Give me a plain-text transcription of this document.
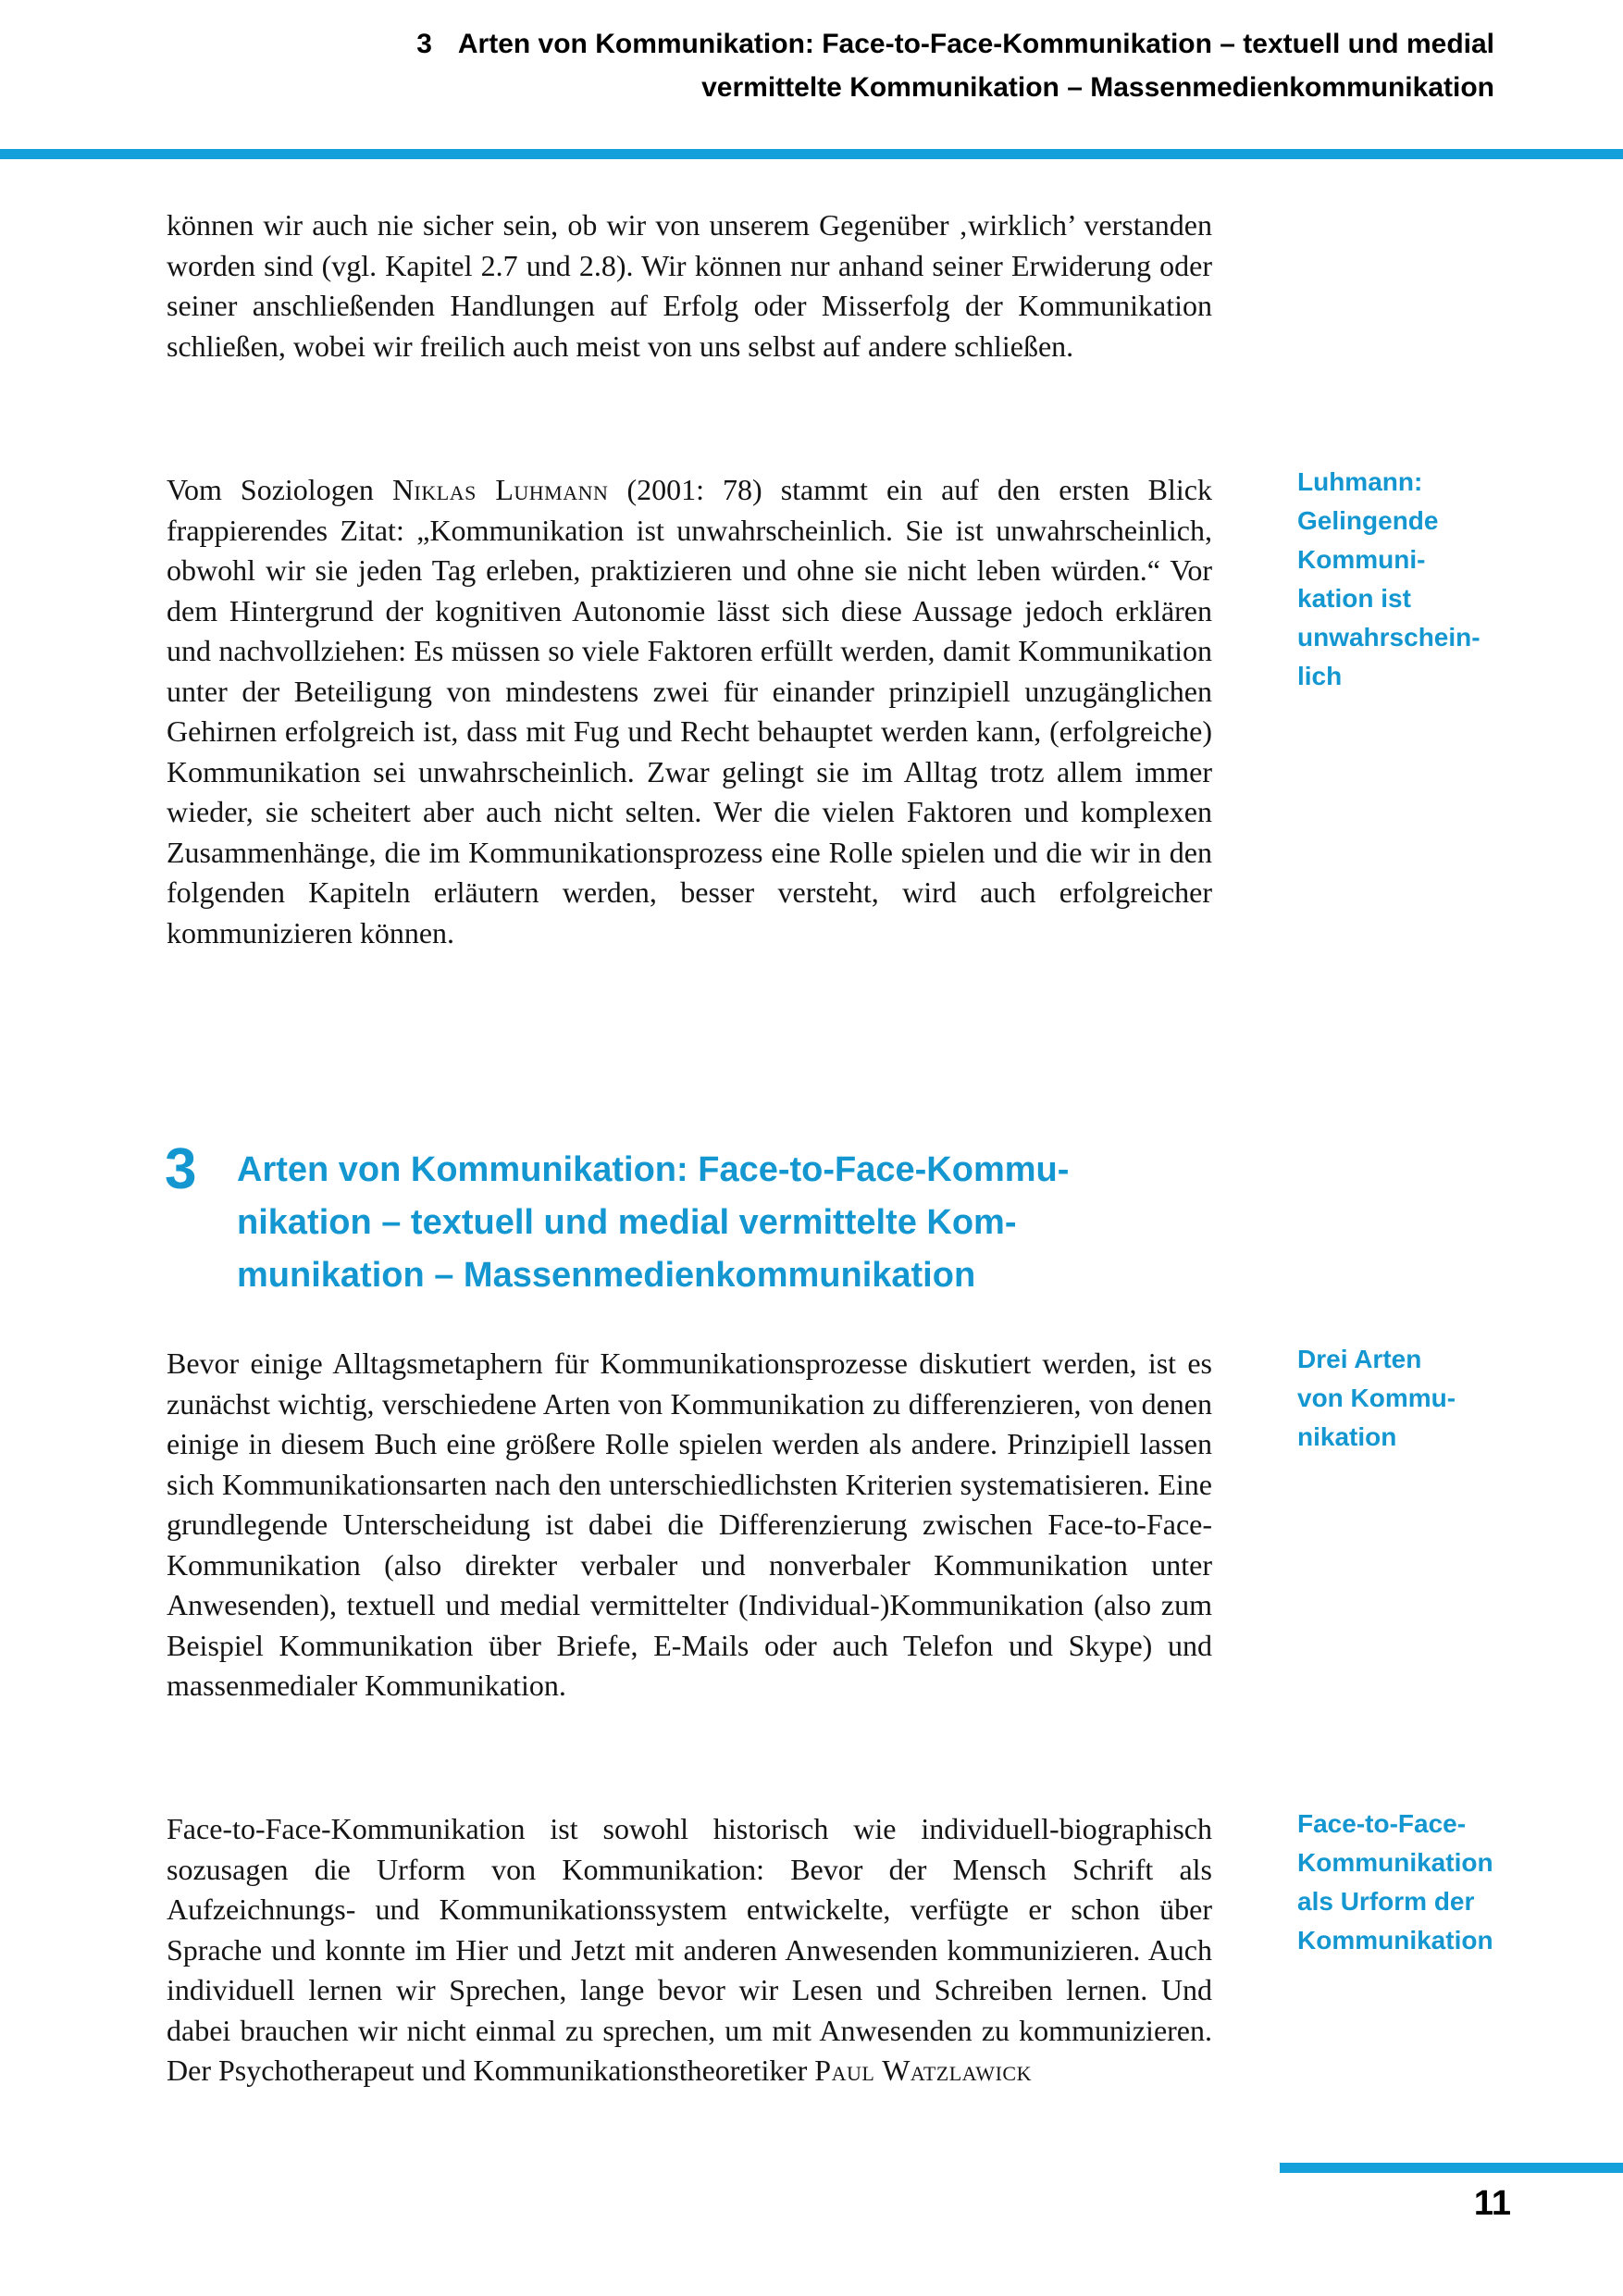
3 Arten von Kommunikation: Face-to-Face-Kommunikation – textuell und medial
vermittelte Kommunikation – Massenmedienkommunikation

können wir auch nie sicher sein, ob wir von unserem Gegenüber ‚wirklich’ verstanden worden sind (vgl. Kapitel 2.7 und 2.8). Wir können nur anhand seiner Erwiderung oder seiner anschließenden Handlungen auf Erfolg oder Misserfolg der Kommunikation schließen, wobei wir freilich auch meist von uns selbst auf andere schließen.

Vom Soziologen Niklas Luhmann (2001: 78) stammt ein auf den ersten Blick frappierendes Zitat: „Kommunikation ist unwahrscheinlich. Sie ist unwahrscheinlich, obwohl wir sie jeden Tag erleben, praktizieren und ohne sie nicht leben würden.“ Vor dem Hintergrund der kognitiven Autonomie lässt sich diese Aussage jedoch erklären und nachvollziehen: Es müssen so viele Faktoren erfüllt werden, damit Kommunikation unter der Beteiligung von mindestens zwei für einander prinzipiell unzugänglichen Gehirnen erfolgreich ist, dass mit Fug und Recht behauptet werden kann, (erfolgreiche) Kommunikation sei unwahrscheinlich. Zwar gelingt sie im Alltag trotz allem immer wieder, sie scheitert aber auch nicht selten. Wer die vielen Faktoren und komplexen Zusammenhänge, die im Kommunikationsprozess eine Rolle spielen und die wir in den folgenden Kapiteln erläutern werden, besser versteht, wird auch erfolgreicher kommunizieren können.

3 Arten von Kommunikation: Face-to-Face-Kommu-
nikation – textuell und medial vermittelte Kom-
munikation – Massenmedienkommunikation

Bevor einige Alltagsmetaphern für Kommunikationsprozesse diskutiert werden, ist es zunächst wichtig, verschiedene Arten von Kommunikation zu differenzieren, von denen einige in diesem Buch eine größere Rolle spielen werden als andere. Prinzipiell lassen sich Kommunikationsarten nach den unterschiedlichsten Kriterien systematisieren. Eine grundlegende Unterscheidung ist dabei die Differenzierung zwischen Face-to-Face-Kommunikation (also direkter verbaler und nonverbaler Kommunikation unter Anwesenden), textuell und medial vermittelter (Individual-)Kommunikation (also zum Beispiel Kommunikation über Briefe, E-Mails oder auch Telefon und Skype) und massenmedialer Kommunikation.

Face-to-Face-Kommunikation ist sowohl historisch wie individuell-biographisch sozusagen die Urform von Kommunikation: Bevor der Mensch Schrift als Aufzeichnungs- und Kommunikationssystem entwickelte, verfügte er schon über Sprache und konnte im Hier und Jetzt mit anderen Anwesenden kommunizieren. Auch individuell lernen wir Sprechen, lange bevor wir Lesen und Schreiben lernen. Und dabei brauchen wir nicht einmal zu sprechen, um mit Anwesenden zu kommunizieren. Der Psychotherapeut und Kommunikationstheoretiker Paul Watzlawick

Luhmann:
Gelingende
Kommuni-
kation ist
unwahrschein-
lich
Drei Arten
von Kommu-
nikation
Face-to-Face-
Kommunikation
als Urform der
Kommunikation
11
